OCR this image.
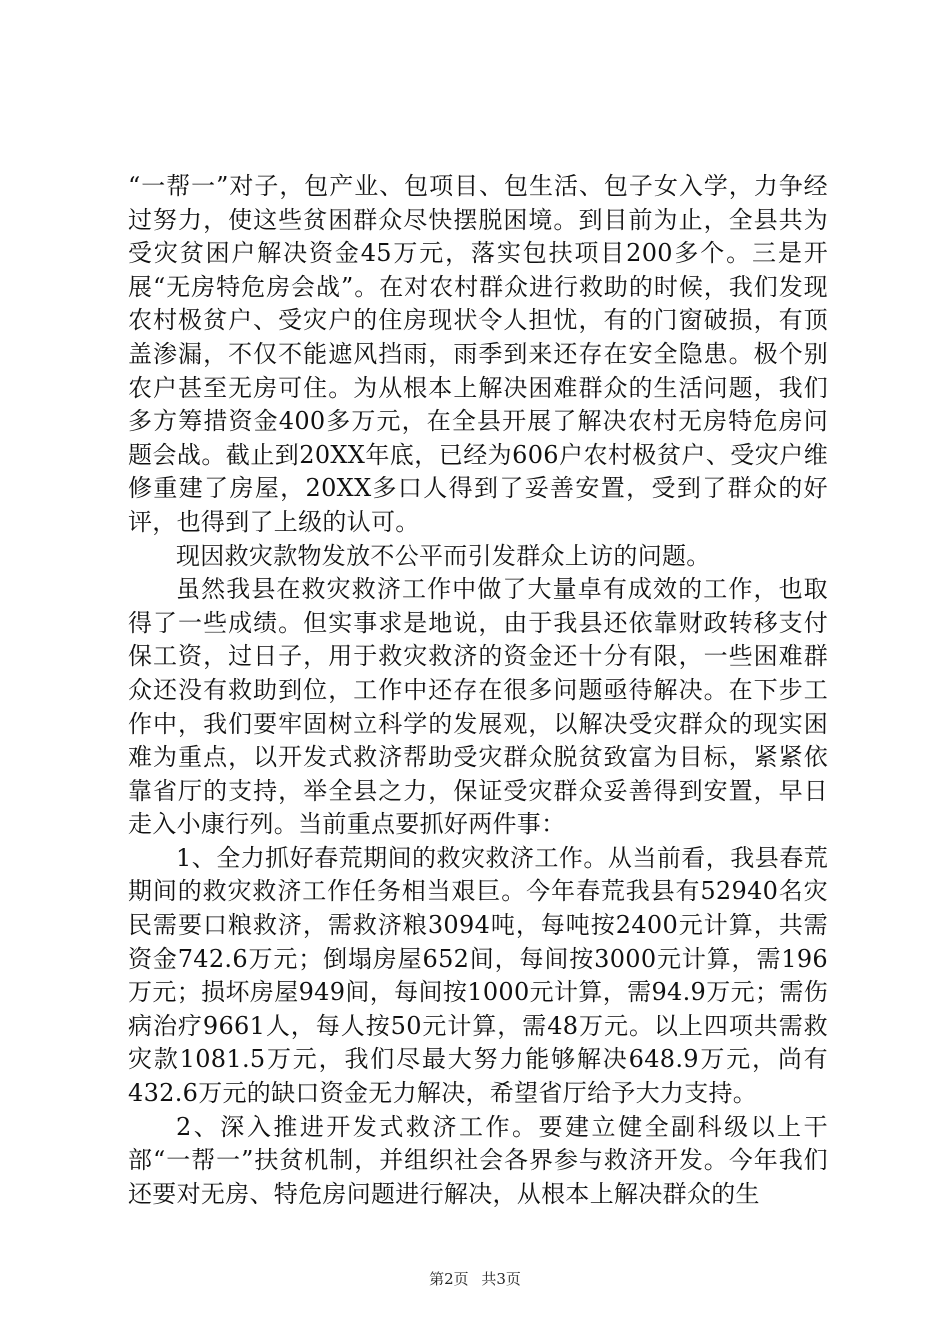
“一帮一”对子，包产业、包项目、包生活、包子女入学，力争经过努力，使这些贫困群众尽快摆脱困境。到目前为止，全县共为受灾贫困户解决资金45万元，落实包扶项目200多个。三是开展“无房特危房会战”。在对农村群众进行救助的时候，我们发现农村极贫户、受灾户的住房现状令人担忧，有的门窗破损，有顶盖渗漏，不仅不能遮风挡雨，雨季到来还存在安全隐患。极个别农户甚至无房可住。为从根本上解决困难群众的生活问题，我们多方筹措资金400多万元，在全县开展了解决农村无房特危房问题会战。截止到20XX年底，已经为606户农村极贫户、受灾户维修重建了房屋，20XX多口人得到了妥善安置，受到了群众的好评，也得到了上级的认可。

现因救灾款物发放不公平而引发群众上访的问题。

虽然我县在救灾救济工作中做了大量卓有成效的工作，也取得了一些成绩。但实事求是地说，由于我县还依靠财政转移支付保工资，过日子，用于救灾救济的资金还十分有限，一些困难群众还没有救助到位，工作中还存在很多问题亟待解决。在下步工作中，我们要牢固树立科学的发展观，以解决受灾群众的现实困难为重点，以开发式救济帮助受灾群众脱贫致富为目标，紧紧依靠省厅的支持，举全县之力，保证受灾群众妥善得到安置，早日走入小康行列。当前重点要抓好两件事：

1、全力抓好春荒期间的救灾救济工作。从当前看，我县春荒期间的救灾救济工作任务相当艰巨。今年春荒我县有52940名灾民需要口粮救济，需救济粮3094吨，每吨按2400元计算，共需资金742.6万元；倒塌房屋652间，每间按3000元计算，需196万元；损坏房屋949间，每间按1000元计算，需94.9万元；需伤病治疗9661人，每人按50元计算，需48万元。以上四项共需救灾款1081.5万元，我们尽最大努力能够解决648.9万元，尚有432.6万元的缺口资金无力解决，希望省厅给予大力支持。

2、深入推进开发式救济工作。要建立健全副科级以上干部“一帮一”扶贫机制，并组织社会各界参与救济开发。今年我们还要对无房、特危房问题进行解决，从根本上解决群众的生

第2页 共3页
